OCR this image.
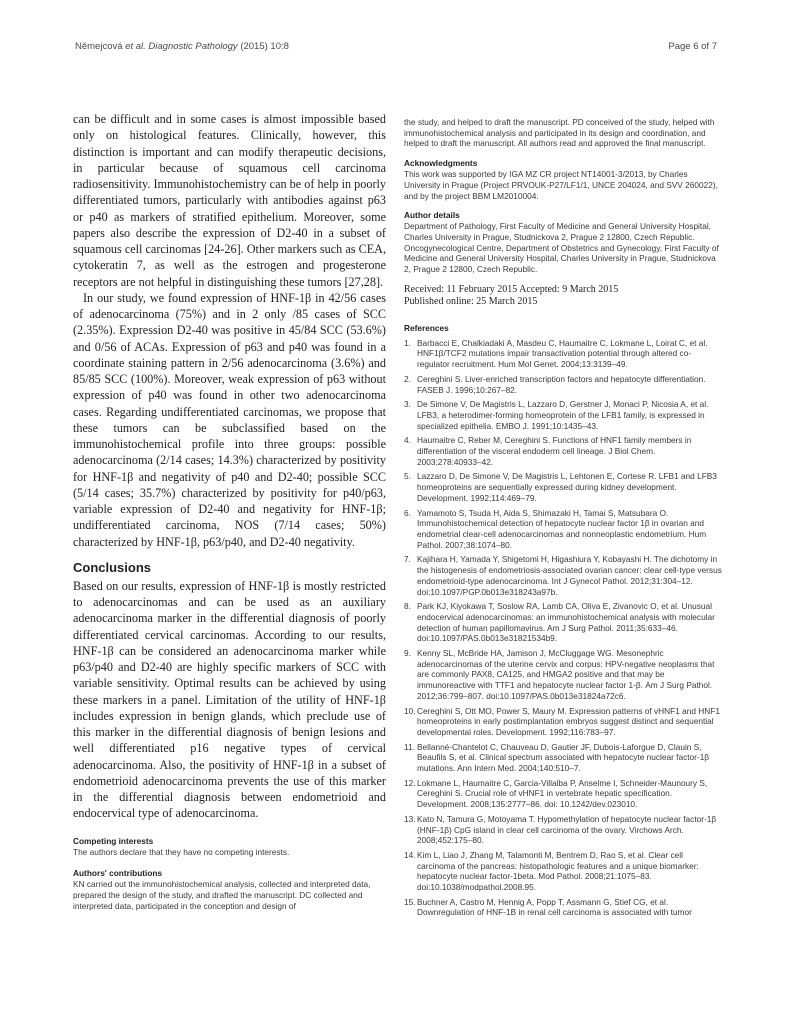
Němejcová et al. Diagnostic Pathology (2015) 10:8	Page 6 of 7

can be difficult and in some cases is almost impossible based only on histological features. Clinically, however, this distinction is important and can modify therapeutic decisions, in particular because of squamous cell carcinoma radiosensitivity. Immunohistochemistry can be of help in poorly differentiated tumors, particularly with antibodies against p63 or p40 as markers of stratified epithelium. Moreover, some papers also describe the expression of D2-40 in a subset of squamous cell carcinomas [24-26]. Other markers such as CEA, cytokeratin 7, as well as the estrogen and progesterone receptors are not helpful in distinguishing these tumors [27,28].

In our study, we found expression of HNF-1β in 42/56 cases of adenocarcinoma (75%) and in 2 only /85 cases of SCC (2.35%). Expression D2-40 was positive in 45/84 SCC (53.6%) and 0/56 of ACAs. Expression of p63 and p40 was found in a coordinate staining pattern in 2/56 adenocarcinoma (3.6%) and 85/85 SCC (100%). Moreover, weak expression of p63 without expression of p40 was found in other two adenocarcinoma cases. Regarding undifferentiated carcinomas, we propose that these tumors can be subclassified based on the immunohistochemical profile into three groups: possible adenocarcinoma (2/14 cases; 14.3%) characterized by positivity for HNF-1β and negativity of p40 and D2-40; possible SCC (5/14 cases; 35.7%) characterized by positivity for p40/p63, variable expression of D2-40 and negativity for HNF-1β; undifferentiated carcinoma, NOS (7/14 cases; 50%) characterized by HNF-1β, p63/p40, and D2-40 negativity.

Conclusions

Based on our results, expression of HNF-1β is mostly restricted to adenocarcinomas and can be used as an auxiliary adenocarcinoma marker in the differential diagnosis of poorly differentiated cervical carcinomas. According to our results, HNF-1β can be considered an adenocarcinoma marker while p63/p40 and D2-40 are highly specific markers of SCC with variable sensitivity. Optimal results can be achieved by using these markers in a panel. Limitation of the utility of HNF-1β includes expression in benign glands, which preclude use of this marker in the differential diagnosis of benign lesions and well differentiated p16 negative types of cervical adenocarcinoma. Also, the positivity of HNF-1β in a subset of endometrioid adenocarcinoma prevents the use of this marker in the differential diagnosis between endometrioid and endocervical type of adenocarcinoma.

Competing interests

The authors declare that they have no competing interests.

Authors' contributions

KN carried out the immunohistochemical analysis, collected and interpreted data, prepared the design of the study, and drafted the manuscript. DC collected and interpreted data, participated in the conception and design of

the study, and helped to draft the manuscript. PD conceived of the study, helped with immunohistochemical analysis and participated in its design and coordination, and helped to draft the manuscript. All authors read and approved the final manuscript.

Acknowledgments

This work was supported by IGA MZ CR project NT14001-3/2013, by Charles University in Prague (Project PRVOUK-P27/LF1/1, UNCE 204024, and SVV 260022), and by the project BBM LM2010004.

Author details

Department of Pathology, First Faculty of Medicine and General University Hospital, Charles University in Prague, Studnickova 2, Prague 2 12800, Czech Republic. Oncogynecological Centre, Department of Obstetrics and Gynecology, First Faculty of Medicine and General University Hospital, Charles University in Prague, Studnickova 2, Prague 2 12800, Czech Republic.

Received: 11 February 2015 Accepted: 9 March 2015

Published online: 25 March 2015

References
1. Barbacci E, Chalkiadaki A, Masdeu C, Haumaitre C, Lokmane L, Loirat C, et al. HNF1β/TCF2 mutations impair transactivation potential through altered co-regulator recruitment. Hum Mol Genet. 2004;13:3139–49.
2. Cereghini S. Liver-enriched transcription factors and hepatocyte differentiation. FASEB J. 1996;10:267–82.
3. De Simone V, De Magistris L, Lazzaro D, Gerstner J, Monaci P, Nicosia A, et al. LFB3, a heterodimer-forming homeoprotein of the LFB1 family, is expressed in specialized epithelia. EMBO J. 1991;10:1435–43.
4. Haumaitre C, Reber M, Cereghini S. Functions of HNF1 family members in differentiation of the visceral endoderm cell lineage. J Biol Chem. 2003;278:40933–42.
5. Lazzaro D, De Simone V, De Magistris L, Lehtonen E, Cortese R. LFB1 and LFB3 homeoproteins are sequentially expressed during kidney development. Development. 1992;114:469–79.
6. Yamamoto S, Tsuda H, Aida S, Shimazaki H, Tamai S, Matsubara O. Immunohistochemical detection of hepatocyte nuclear factor 1β in ovarian and endometrial clear-cell adenocarcinomas and nonneoplastic endometrium. Hum Pathol. 2007;38:1074–80.
7. Kajihara H, Yamada Y, Shigetomi H, Higashiura Y, Kobayashi H. The dichotomy in the histogenesis of endometriosis-associated ovarian cancer: clear cell-type versus endometrioid-type adenocarcinoma. Int J Gynecol Pathol. 2012;31:304–12. doi:10.1097/PGP.0b013e318243a97b.
8. Park KJ, Kiyokawa T, Soslow RA, Lamb CA, Oliva E, Zivanovic O, et al. Unusual endocervical adenocarcinomas: an immunohistochemical analysis with molecular detection of human papillomavirus. Am J Surg Pathol. 2011;35:633–46. doi:10.1097/PAS.0b013e31821534b9.
9. Kenny SL, McBride HA, Jamison J, McCluggage WG. Mesonephric adenocarcinomas of the uterine cervix and corpus: HPV-negative neoplasms that are commonly PAX8, CA125, and HMGA2 positive and that may be immunoreactive with TTF1 and hepatocyte nuclear factor 1-β. Am J Surg Pathol. 2012;36:799–807. doi:10.1097/PAS.0b013e31824a72c6.
10. Cereghini S, Ott MO, Power S, Maury M. Expression patterns of vHNF1 and HNF1 homeoproteins in early postimplantation embryos suggest distinct and sequential developmental roles. Development. 1992;116:783–97.
11. Bellanné-Chantelot C, Chauveau D, Gautier JF, Dubois-Laforgue D, Clauin S, Beaufils S, et al. Clinical spectrum associated with hepatocyte nuclear factor-1β mutations. Ann Intern Med. 2004;140:510–7.
12. Lokmane L, Haumaitre C, Garcia-Villalba P, Anselme I, Schneider-Maunoury S, Cereghini S. Crucial role of vHNF1 in vertebrate hepatic specification. Development. 2008;135:2777–86. doi: 10.1242/dev.023010.
13. Kato N, Tamura G, Motoyama T. Hypomethylation of hepatocyte nuclear factor-1β (HNF-1β) CpG island in clear cell carcinoma of the ovary. Virchows Arch. 2008;452:175–80.
14. Kim L, Liao J, Zhang M, Talamonti M, Bentrem D, Rao S, et al. Clear cell carcinoma of the pancreas: histopathologic features and a unique biomarker: hepatocyte nuclear factor-1beta. Mod Pathol. 2008;21:1075–83. doi:10.1038/modpathol.2008.95.
15. Buchner A, Castro M, Hennig A, Popp T, Assmann G, Stief CG, et al. Downregulation of HNF-1B in renal cell carcinoma is associated with tumor
